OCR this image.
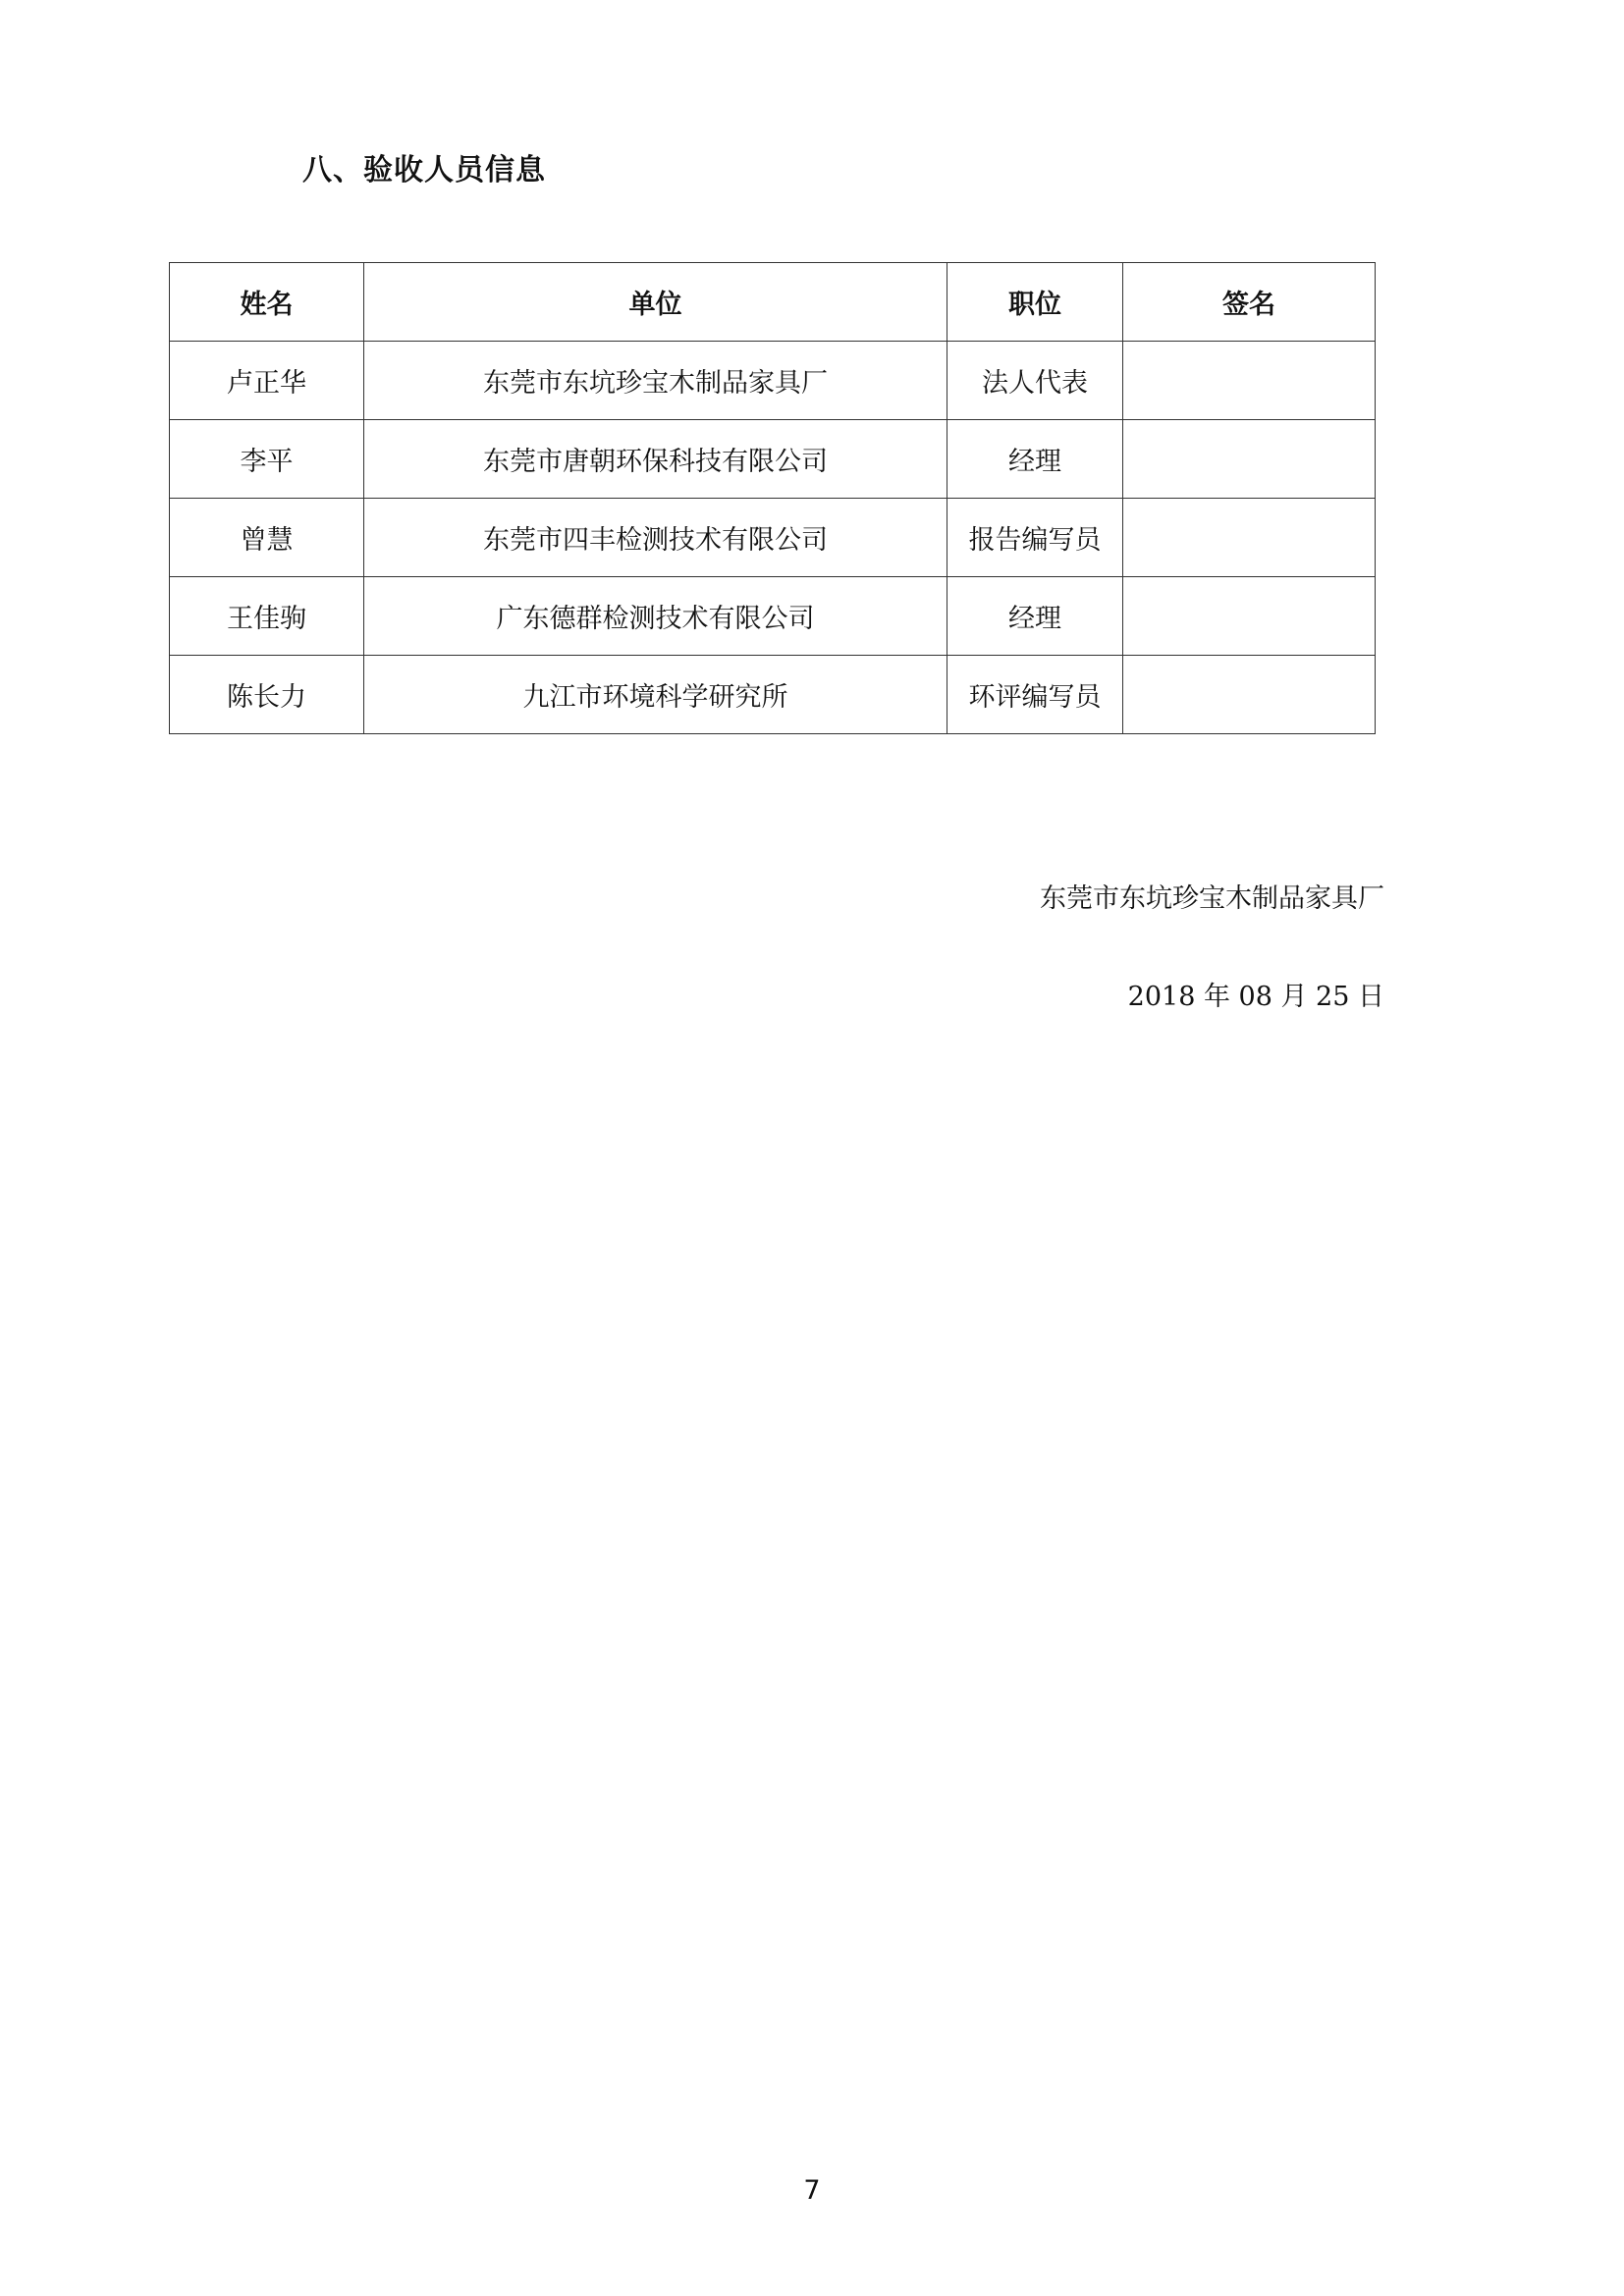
八、验收人员信息
姓名	单位	职位	签名
卢正华	东莞市东坑珍宝木制品家具厂	法人代表	
李平	东莞市唐朝环保科技有限公司	经理	
曾慧	东莞市四丰检测技术有限公司	报告编写员	
王佳驹	广东德群检测技术有限公司	经理	
陈长力	九江市环境科学研究所	环评编写员	
东莞市东坑珍宝木制品家具厂
2018 年 08 月 25 日
7
